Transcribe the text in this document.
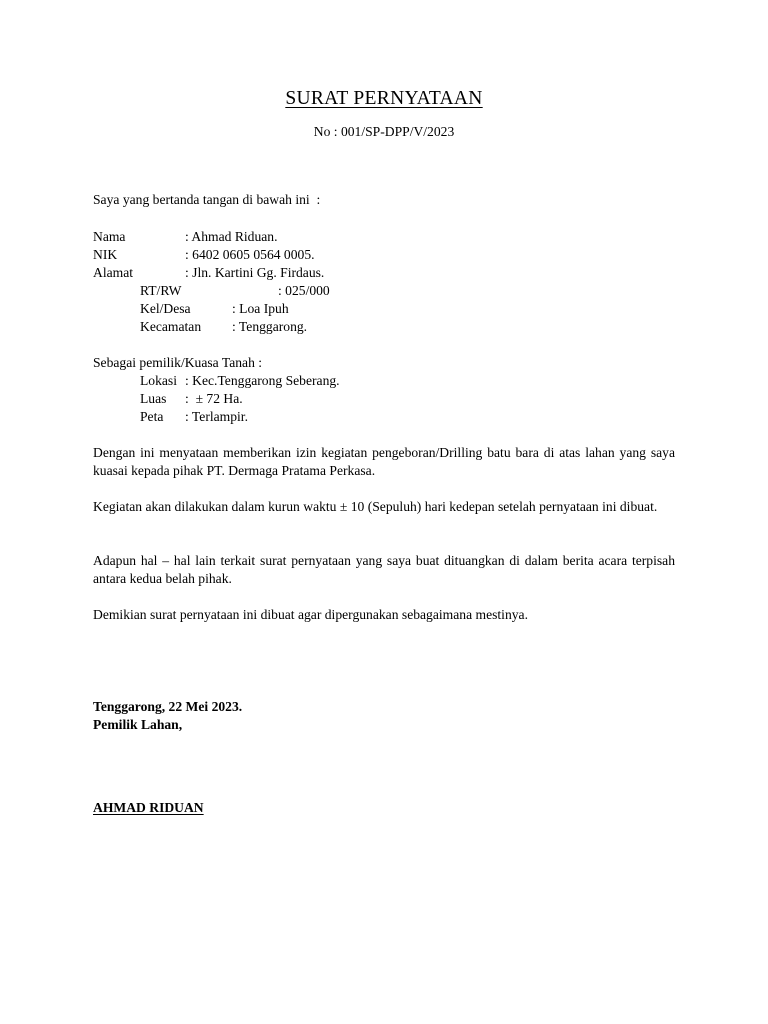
SURAT PERNYATAAN
No : 001/SP-DPP/V/2023
Saya yang bertanda tangan di bawah ini  :
Nama	: Ahmad Riduan.
NIK	: 6402 0605 0564 0005.
Alamat	: Jln. Kartini Gg. Firdaus.
RT/RW	: 025/000
Kel/Desa	: Loa Ipuh
Kecamatan : Tenggarong.
Sebagai pemilik/Kuasa Tanah :
Lokasi : Kec.Tenggarong Seberang.
Luas :  ± 72 Ha.
Peta : Terlampir.
Dengan ini menyataan memberikan izin kegiatan pengeboran/Drilling batu bara di atas lahan yang saya kuasai kepada pihak PT. Dermaga Pratama Perkasa.
Kegiatan akan dilakukan dalam kurun waktu ± 10 (Sepuluh) hari kedepan setelah pernyataan ini dibuat.
Adapun hal – hal lain terkait surat pernyataan yang saya buat dituangkan di dalam berita acara terpisah antara kedua belah pihak.
Demikian surat pernyataan ini dibuat agar dipergunakan sebagaimana mestinya.
Tenggarong, 22 Mei 2023.
Pemilik Lahan,
AHMAD RIDUAN
